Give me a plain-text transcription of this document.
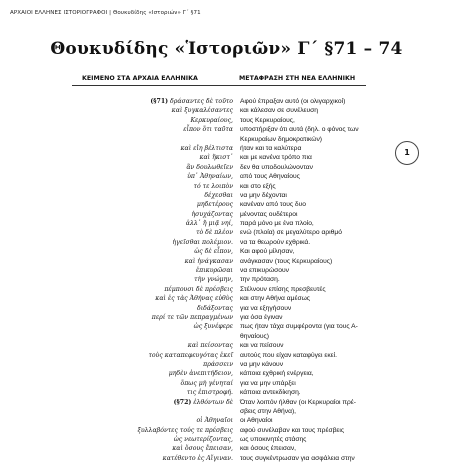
ΑΡΧΑΙΟΙ ΕΛΛΗΝΕΣ ΙΣΤΟΡΙΟΓΡΑΦΟΙ | Θουκυδίδης «Ιστοριών» Γ΄ §71
Θουκυδίδης «Ἱστοριῶν» Γ΄ §71 – 74
ΚΕΙΜΕΝΟ ΣΤΑ ΑΡΧΑΙΑ ΕΛΛΗΝΙΚΑ	ΜΕΤΑΦΡΑΣΗ ΣΤΗ ΝΕΑ ΕΛΛΗΝΙΚΗ
1
(§71) δράσαντες δὲ τοῦτο Αφού έπραξαν αυτό (οι ολιγαρχικοί)
καὶ ξυγκαλέσαντες και κάλεσαν σε συνέλευση
Κερκυραίους, τους Κερκυραίους,
εἶπον ὅτι ταῦτα υποστήριξαν ότι αυτά (δηλ. ο φόνος των
Κερκυραίων δημοκρατικών)
καὶ εἴη βέλτιστα ήταν και τα καλύτερα
καὶ ἥκιστ᾽ και με κανένα τρόπο πια
ἂν δουλωθεῖεν δεν θα υποδουλώνονταν
ὑπ᾽ Ἀθηναίων, από τους Αθηναίους
τό τε λοιπὸν και στο εξής
δέχεσθαι να μην δέχονται
μηδετέρους κανέναν από τους δυο
ἡσυχάζοντας μένοντας ουδέτεροι
ἀλλ᾽ ἢ μιᾷ νηί, παρά μόνο με ένα πλοίο,
τὸ δὲ πλέον ενώ (πλοία) σε μεγαλύτερο αριθμό
ἡγεῖσθαι πολέμιον. να τα θεωρούν εχθρικά.
ὡς δὲ εἶπον, Και αφού μίλησαν,
καὶ ἠνάγκασαν ανάγκασαν (τους Κερκυραίους)
ἐπικυρῶσαι να επικυρώσουν
τὴν γνώμην, την πρόταση.
πέμπουσι δὲ πρέσβεις Στέλνουν επίσης πρεσβευτές
καὶ ἐς τὰς Ἀθήνας εὐθὺς και στην Αθήνα αμέσως
διδάξοντας για να εξηγήσουν
περί τε τῶν πεπραγμένων για όσα έγιναν
ὡς ξυνέφερε πως ήταν τάχα συμφέροντα (για τους Α-
θηναίους)
καὶ πείσοντας και να πείσουν
τοὺς καταπεφευγότας ἐκεῖ αυτούς που είχαν καταφύγει εκεί.
πράσσειν να μην κάνουν
μηδὲν ἀνεπιτήδειον, κάποια εχθρική ενέργεια,
ὅπως μὴ γένηταί για να μην υπάρξει
τις ἐπιστροφή. κάποια αντεκδίκηση.
(§72) ἐλθόντων δὲ Όταν λοιπόν ήλθαν (οι Κερκυραίοι πρέ-
σβεις στην Αθήνα),
οἱ Ἀθηναῖοι οι Αθηναίοι
ξυλλαβόντες τούς τε πρέσβεις αφού συνέλαβαν και τους πρέσβεις
ὡς νεωτερίζοντας, ως υποκινητές στάσης
καὶ ὅσους ἔπεισαν, και όσους έπεισαν,
κατέθεντο ἐς Αἴγιναν. τους συγκέντρωσαν για ασφάλεια στην
